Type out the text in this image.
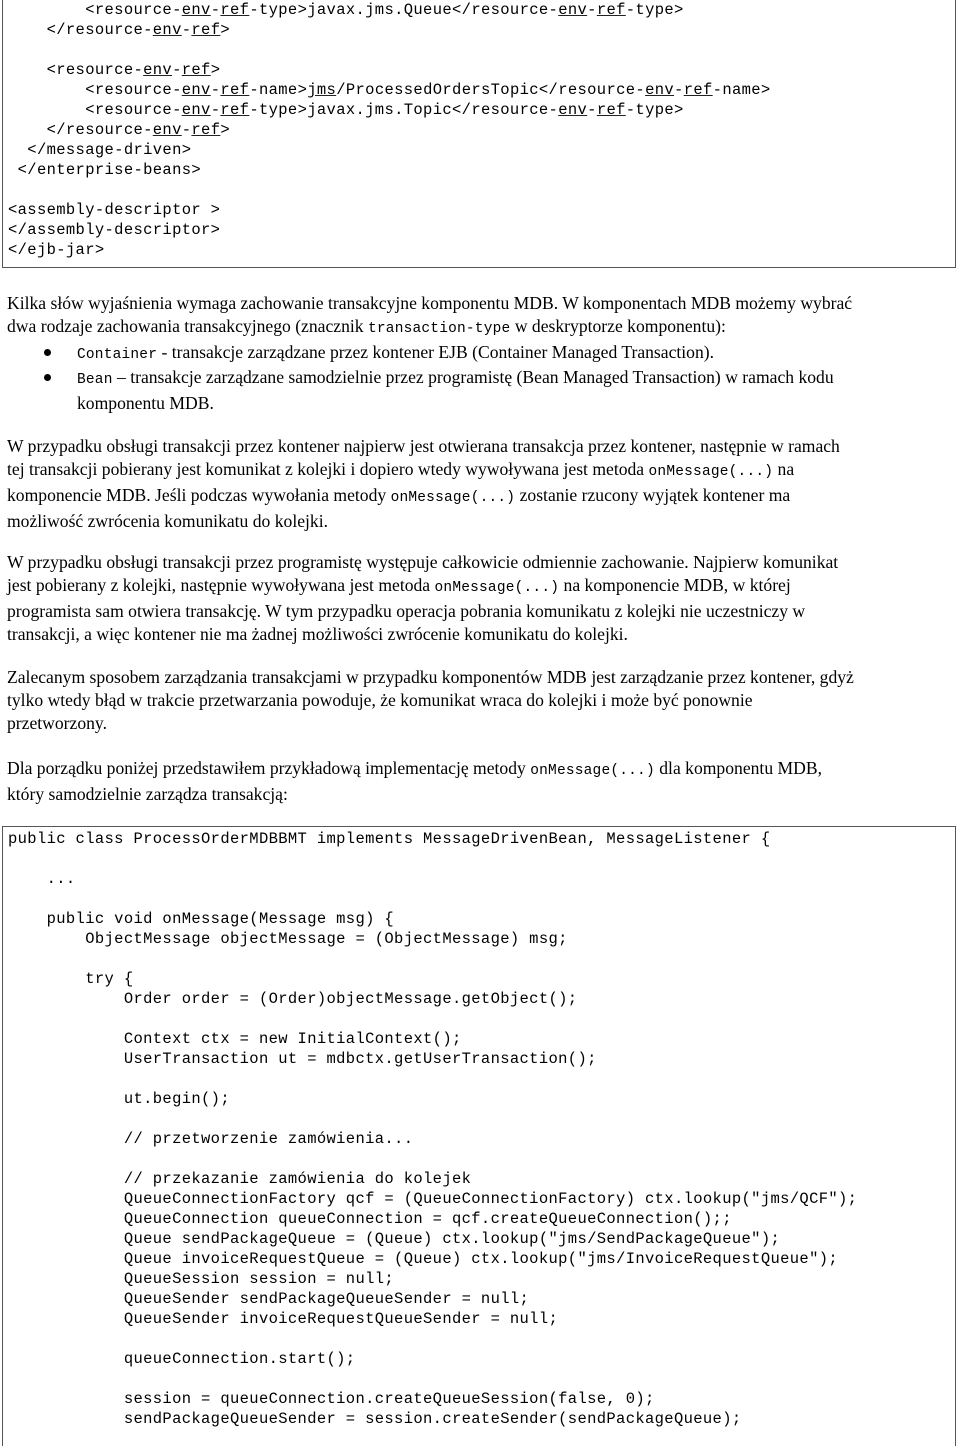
<resource-env-ref-type>javax.jms.Queue</resource-env-ref-type>
</resource-env-ref>
<resource-env-ref>
<resource-env-ref-name>jms/ProcessedOrdersTopic</resource-env-ref-name>
<resource-env-ref-type>javax.jms.Topic</resource-env-ref-type>
</resource-env-ref>
</message-driven>
</enterprise-beans>
<assembly-descriptor >
</assembly-descriptor>
</ejb-jar>
Kilka słów wyjaśnienia wymaga zachowanie transakcyjne komponentu MDB. W komponentach MDB możemy wybrać
dwa rodzaje zachowania transakcyjnego (znacznik transaction-type w deskryptorze komponentu):
Container - transakcje zarządzane przez kontener EJB (Container Managed Transaction).
Bean – transakcje zarządzane samodzielnie przez programistę (Bean Managed Transaction) w ramach kodu
komponentu MDB.
W przypadku obsługi transakcji przez kontener najpierw jest otwierana transakcja przez kontener, następnie w ramach
tej transakcji pobierany jest komunikat z kolejki i dopiero wtedy wywoływana jest metoda onMessage(...) na
komponencie MDB. Jeśli podczas wywołania metody onMessage(...) zostanie rzucony wyjątek kontener ma
możliwość zwrócenia komunikatu do kolejki.
W przypadku obsługi transakcji przez programistę występuje całkowicie odmiennie zachowanie. Najpierw komunikat
jest pobierany z kolejki, następnie wywoływana jest metoda onMessage(...) na komponencie MDB, w której
programista sam otwiera transakcję. W tym przypadku operacja pobrania komunikatu z kolejki nie uczestniczy w
transakcji, a więc kontener nie ma żadnej możliwości zwrócenie komunikatu do kolejki.
Zalecanym sposobem zarządzania transakcjami w przypadku komponentów MDB jest zarządzanie przez kontener, gdyż
tylko wtedy błąd w trakcie przetwarzania powoduje, że komunikat wraca do kolejki i może być ponownie
przetworzony.
Dla porządku poniżej przedstawiłem przykładową implementację metody onMessage(...) dla komponentu MDB,
który samodzielnie zarządza transakcją:
public class ProcessOrderMDBBMT implements MessageDrivenBean, MessageListener {
...
public void onMessage(Message msg) {
ObjectMessage objectMessage = (ObjectMessage) msg;
try {
Order order = (Order)objectMessage.getObject();
Context ctx = new InitialContext();
UserTransaction ut = mdbctx.getUserTransaction();
ut.begin();
// przetworzenie zamówienia...
// przekazanie zamówienia do kolejek
QueueConnectionFactory qcf = (QueueConnectionFactory) ctx.lookup("jms/QCF");
QueueConnection queueConnection = qcf.createQueueConnection();;
Queue sendPackageQueue = (Queue) ctx.lookup("jms/SendPackageQueue");
Queue invoiceRequestQueue = (Queue) ctx.lookup("jms/InvoiceRequestQueue");
QueueSession session = null;
QueueSender sendPackageQueueSender = null;
QueueSender invoiceRequestQueueSender = null;
queueConnection.start();
session = queueConnection.createQueueSession(false, 0);
sendPackageQueueSender = session.createSender(sendPackageQueue);
